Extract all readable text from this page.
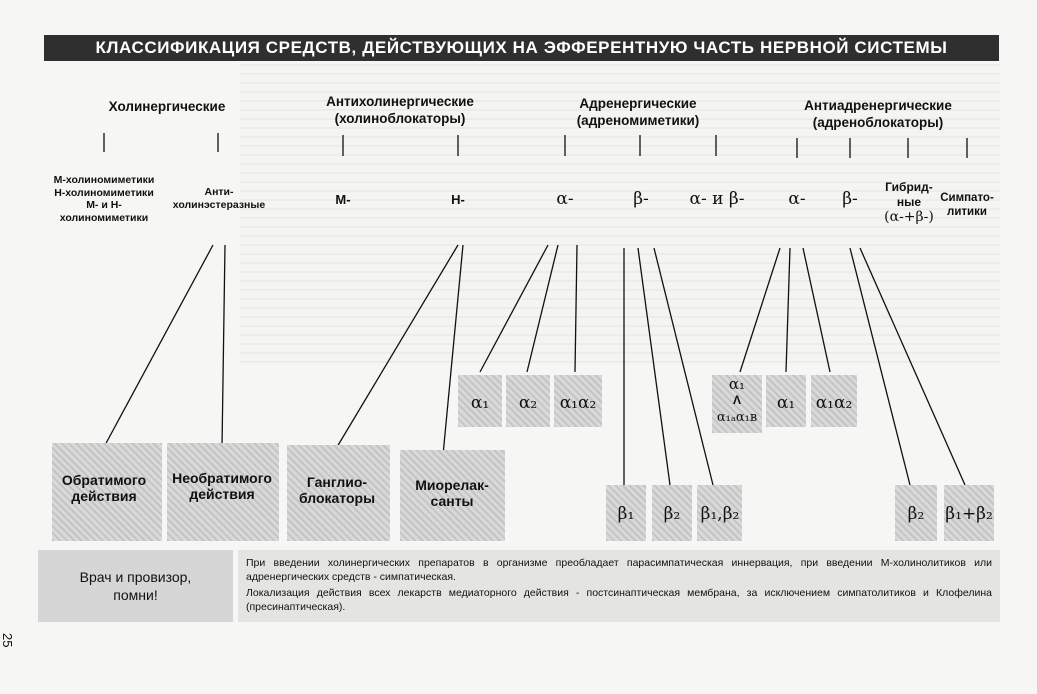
КЛАССИФИКАЦИЯ СРЕДСТВ, ДЕЙСТВУЮЩИХ НА ЭФФЕРЕНТНУЮ ЧАСТЬ НЕРВНОЙ СИСТЕМЫ
Холинергические	Антихолинергические
(холиноблокаторы)
Адренергические
(адреномиметики)
Антиадренергические
(адреноблокаторы)
М-холиномиметики
Н-холиномиметики
М- и Н-
холиномиметики
Анти-
холинэстеразные	М-	Н-	α-	β- α- и β-	α- β-
Гибрид-
ные
(α-+β-)
Симпато-
литики
Обратимого
действия
Необратимого
действия
Ганглио-
блокаторы
Миорелак-
санты
α₁ α₂ α₁α₂
β₁ β₂ β₁,β₂
α₁
Λ
α₁ₐα₁в
α₁ α₁α₂
β₂ β₁+β₂
Врач и провизор,
помни!

При введении холинергических препаратов в организме преобладает парасимпатическая иннервация, при введении М-холинолитиков или адренергических средств - симпатическая.

Локализация действия всех лекарств медиаторного действия - постсинаптическая мембрана, за исключением симпатолитиков и Клофелина (пресинаптическая).

25
